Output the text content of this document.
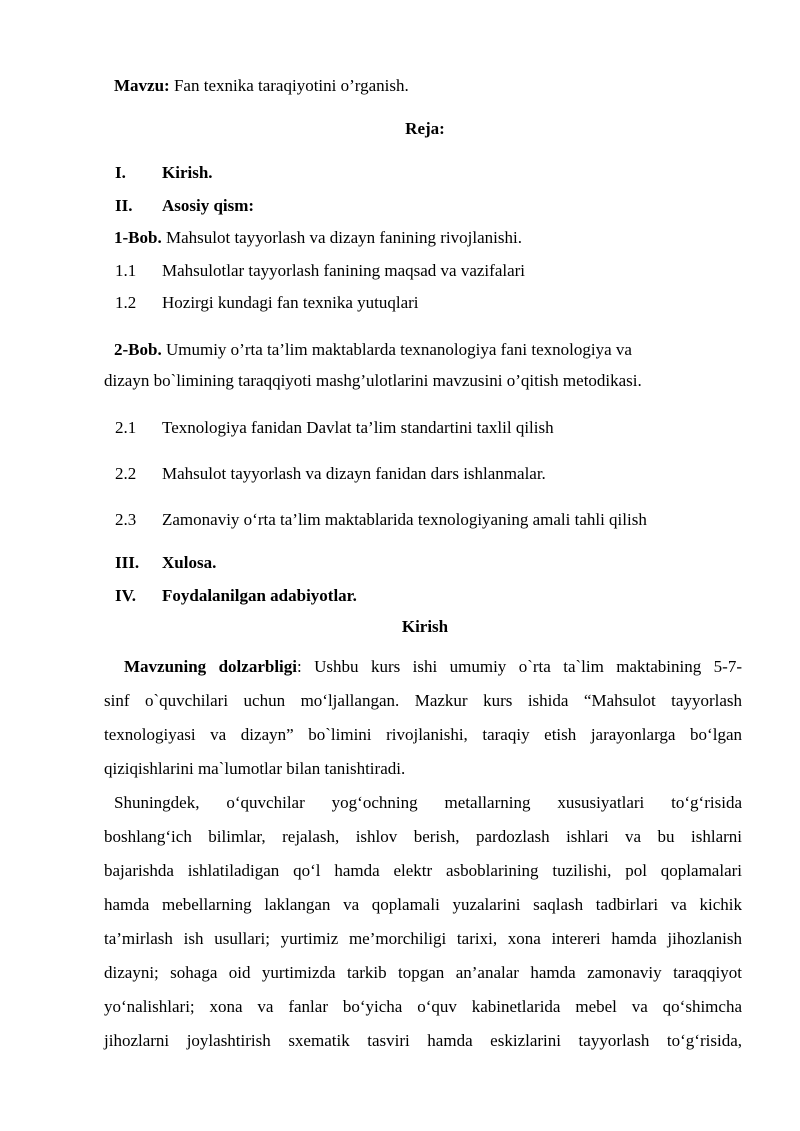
Mavzu: Fan texnika taraqiyotini o’rganish.
Reja:
I. Kirish.
II. Asosiy qism:
1-Bob. Mahsulot tayyorlash va dizayn fanining rivojlanishi.
1.1 Mahsulotlar tayyorlash fanining maqsad va vazifalari
1.2 Hozirgi kundagi fan texnika yutuqlari
2-Bob. Umumiy o’rta ta’lim maktablarda texnanologiya fani texnologiya va
dizayn bo`limining taraqqiyoti mashg’ulotlarini mavzusini o’qitish metodikasi.
2.1 Texnologiya fanidan Davlat ta’lim standartini taxlil qilish
2.2 Mahsulot tayyorlash va dizayn fanidan dars ishlanmalar.
2.3 Zamonaviy o‘rta ta’lim maktablarida texnologiyaning amali tahli qilish
III. Xulosa.
IV. Foydalanilgan adabiyotlar.
Kirish
Mavzuning dolzarbligi: Ushbu kurs ishi umumiy o`rta ta`lim maktabining 5-7-
sinf o`quvchilari uchun mo‘ljallangan. Mazkur kurs ishida “Mahsulot tayyorlash
texnologiyasi va dizayn” bo`limini rivojlanishi, taraqiy etish jarayonlarga bo‘lgan
qiziqishlarini ma`lumotlar bilan tanishtiradi.
Shuningdek, o‘quvchilar yog‘ochning metallarning xususiyatlari to‘g‘risida
boshlang‘ich bilimlar, rejalash, ishlov berish, pardozlash ishlari va bu ishlarni
bajarishda ishlatiladigan qo‘l hamda elektr asboblarining tuzilishi, pol qoplamalari
hamda mebellarning laklangan va qoplamali yuzalarini saqlash tadbirlari va kichik
ta’mirlash ish usullari; yurtimiz me’morchiligi tarixi, xona intereri hamda jihozlanish
dizayni; sohaga oid yurtimizda tarkib topgan an’analar hamda zamonaviy taraqqiyot
yo‘nalishlari; xona va fanlar bo‘yicha o‘quv kabinetlarida mebel va qo‘shimcha
jihozlarni joylashtirish sxematik tasviri hamda eskizlarini tayyorlash to‘g‘risida,
